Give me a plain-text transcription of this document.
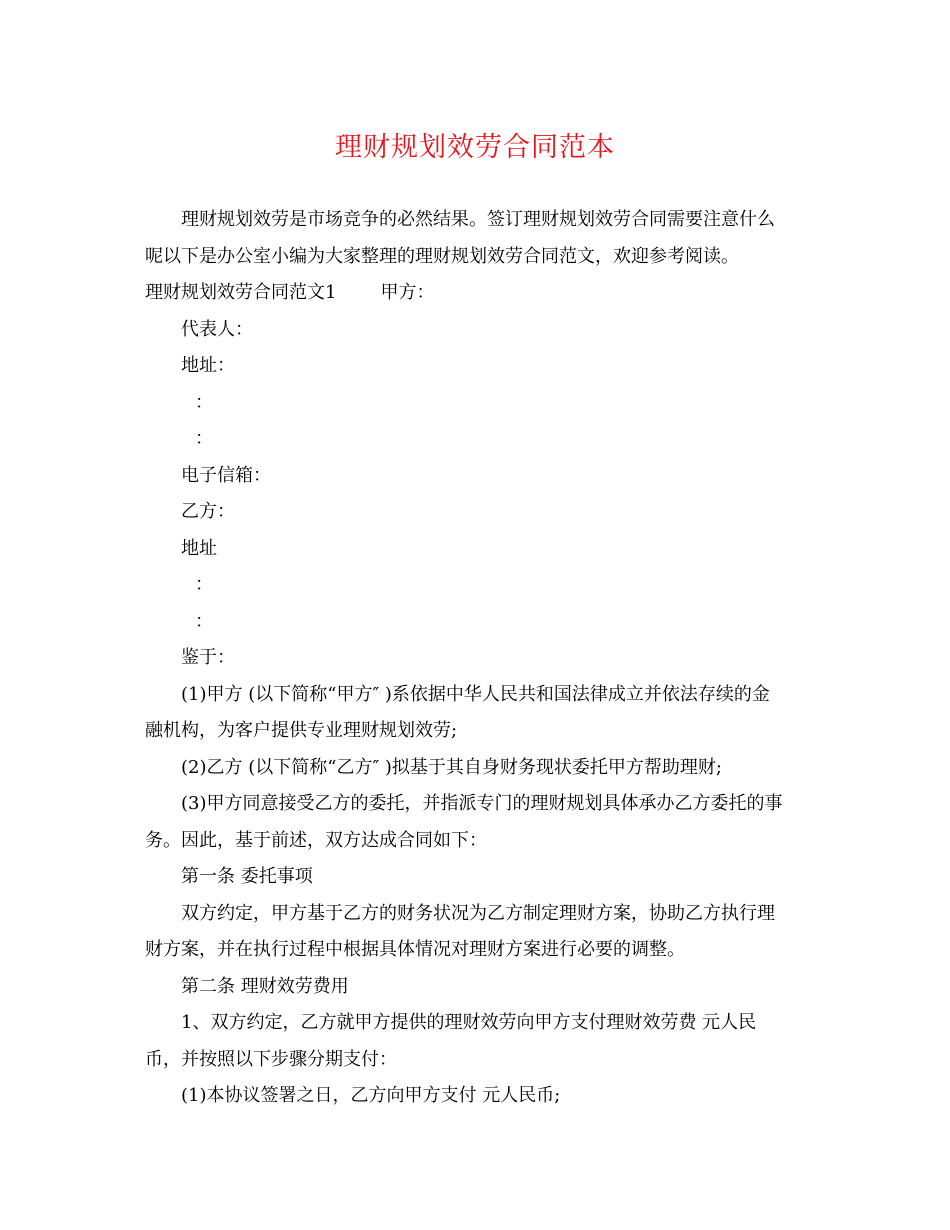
理财规划效劳合同范本

理财规划效劳是市场竞争的必然结果。签订理财规划效劳合同需要注意什么

呢以下是办公室小编为大家整理的理财规划效劳合同范文，欢迎参考阅读。

理财规划效劳合同范文1 甲方：

代表人：

地址：

：

：

电子信箱：

乙方：

地址

：

：

鉴于：

(1)甲方 (以下简称“甲方″ )系依据中华人民共和国法律成立并依法存续的金

融机构，为客户提供专业理财规划效劳;

(2)乙方 (以下简称“乙方″ )拟基于其自身财务现状委托甲方帮助理财;

(3)甲方同意接受乙方的委托，并指派专门的理财规划具体承办乙方委托的事

务。因此，基于前述，双方达成合同如下：

第一条 委托事项

双方约定，甲方基于乙方的财务状况为乙方制定理财方案，协助乙方执行理

财方案，并在执行过程中根据具体情况对理财方案进行必要的调整。

第二条 理财效劳费用

1、双方约定，乙方就甲方提供的理财效劳向甲方支付理财效劳费 元人民

币，并按照以下步骤分期支付：

(1)本协议签署之日，乙方向甲方支付 元人民币;
